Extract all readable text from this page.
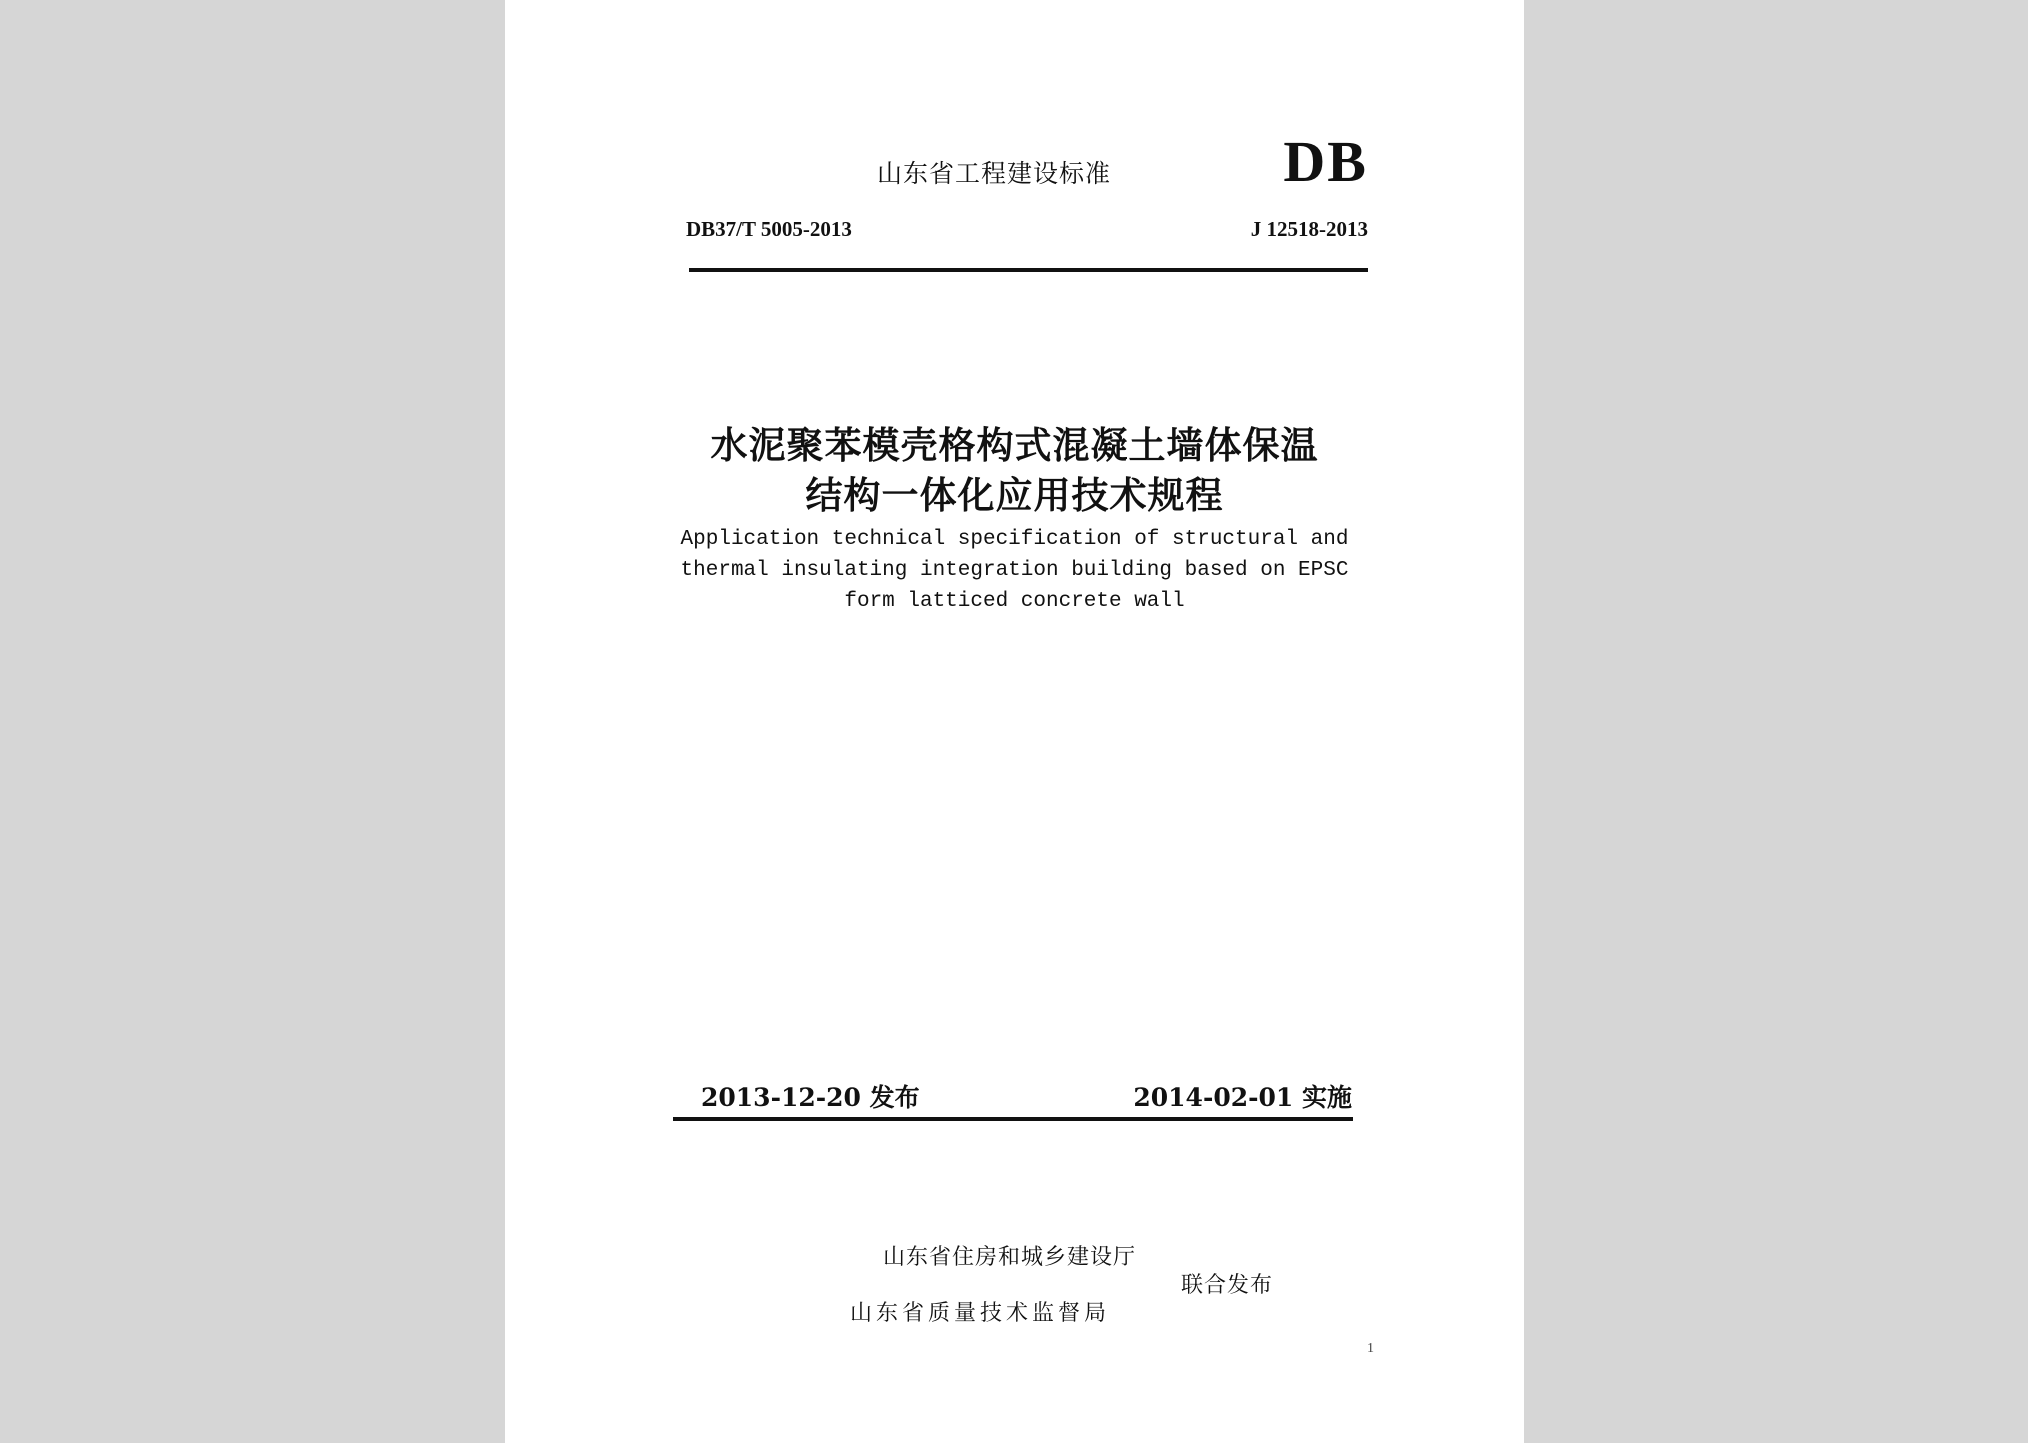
山东省工程建设标准	DB
DB37/T 5005-2013	J 12518-2013
水泥聚苯模壳格构式混凝土墙体保温
结构一体化应用技术规程
Application technical specification of structural and
thermal insulating integration building based on EPSC
form latticed concrete wall
2013-12-20 发布	2014-02-01 实施
山东省住房和城乡建设厅
联合发布
山东省质量技术监督局
1
